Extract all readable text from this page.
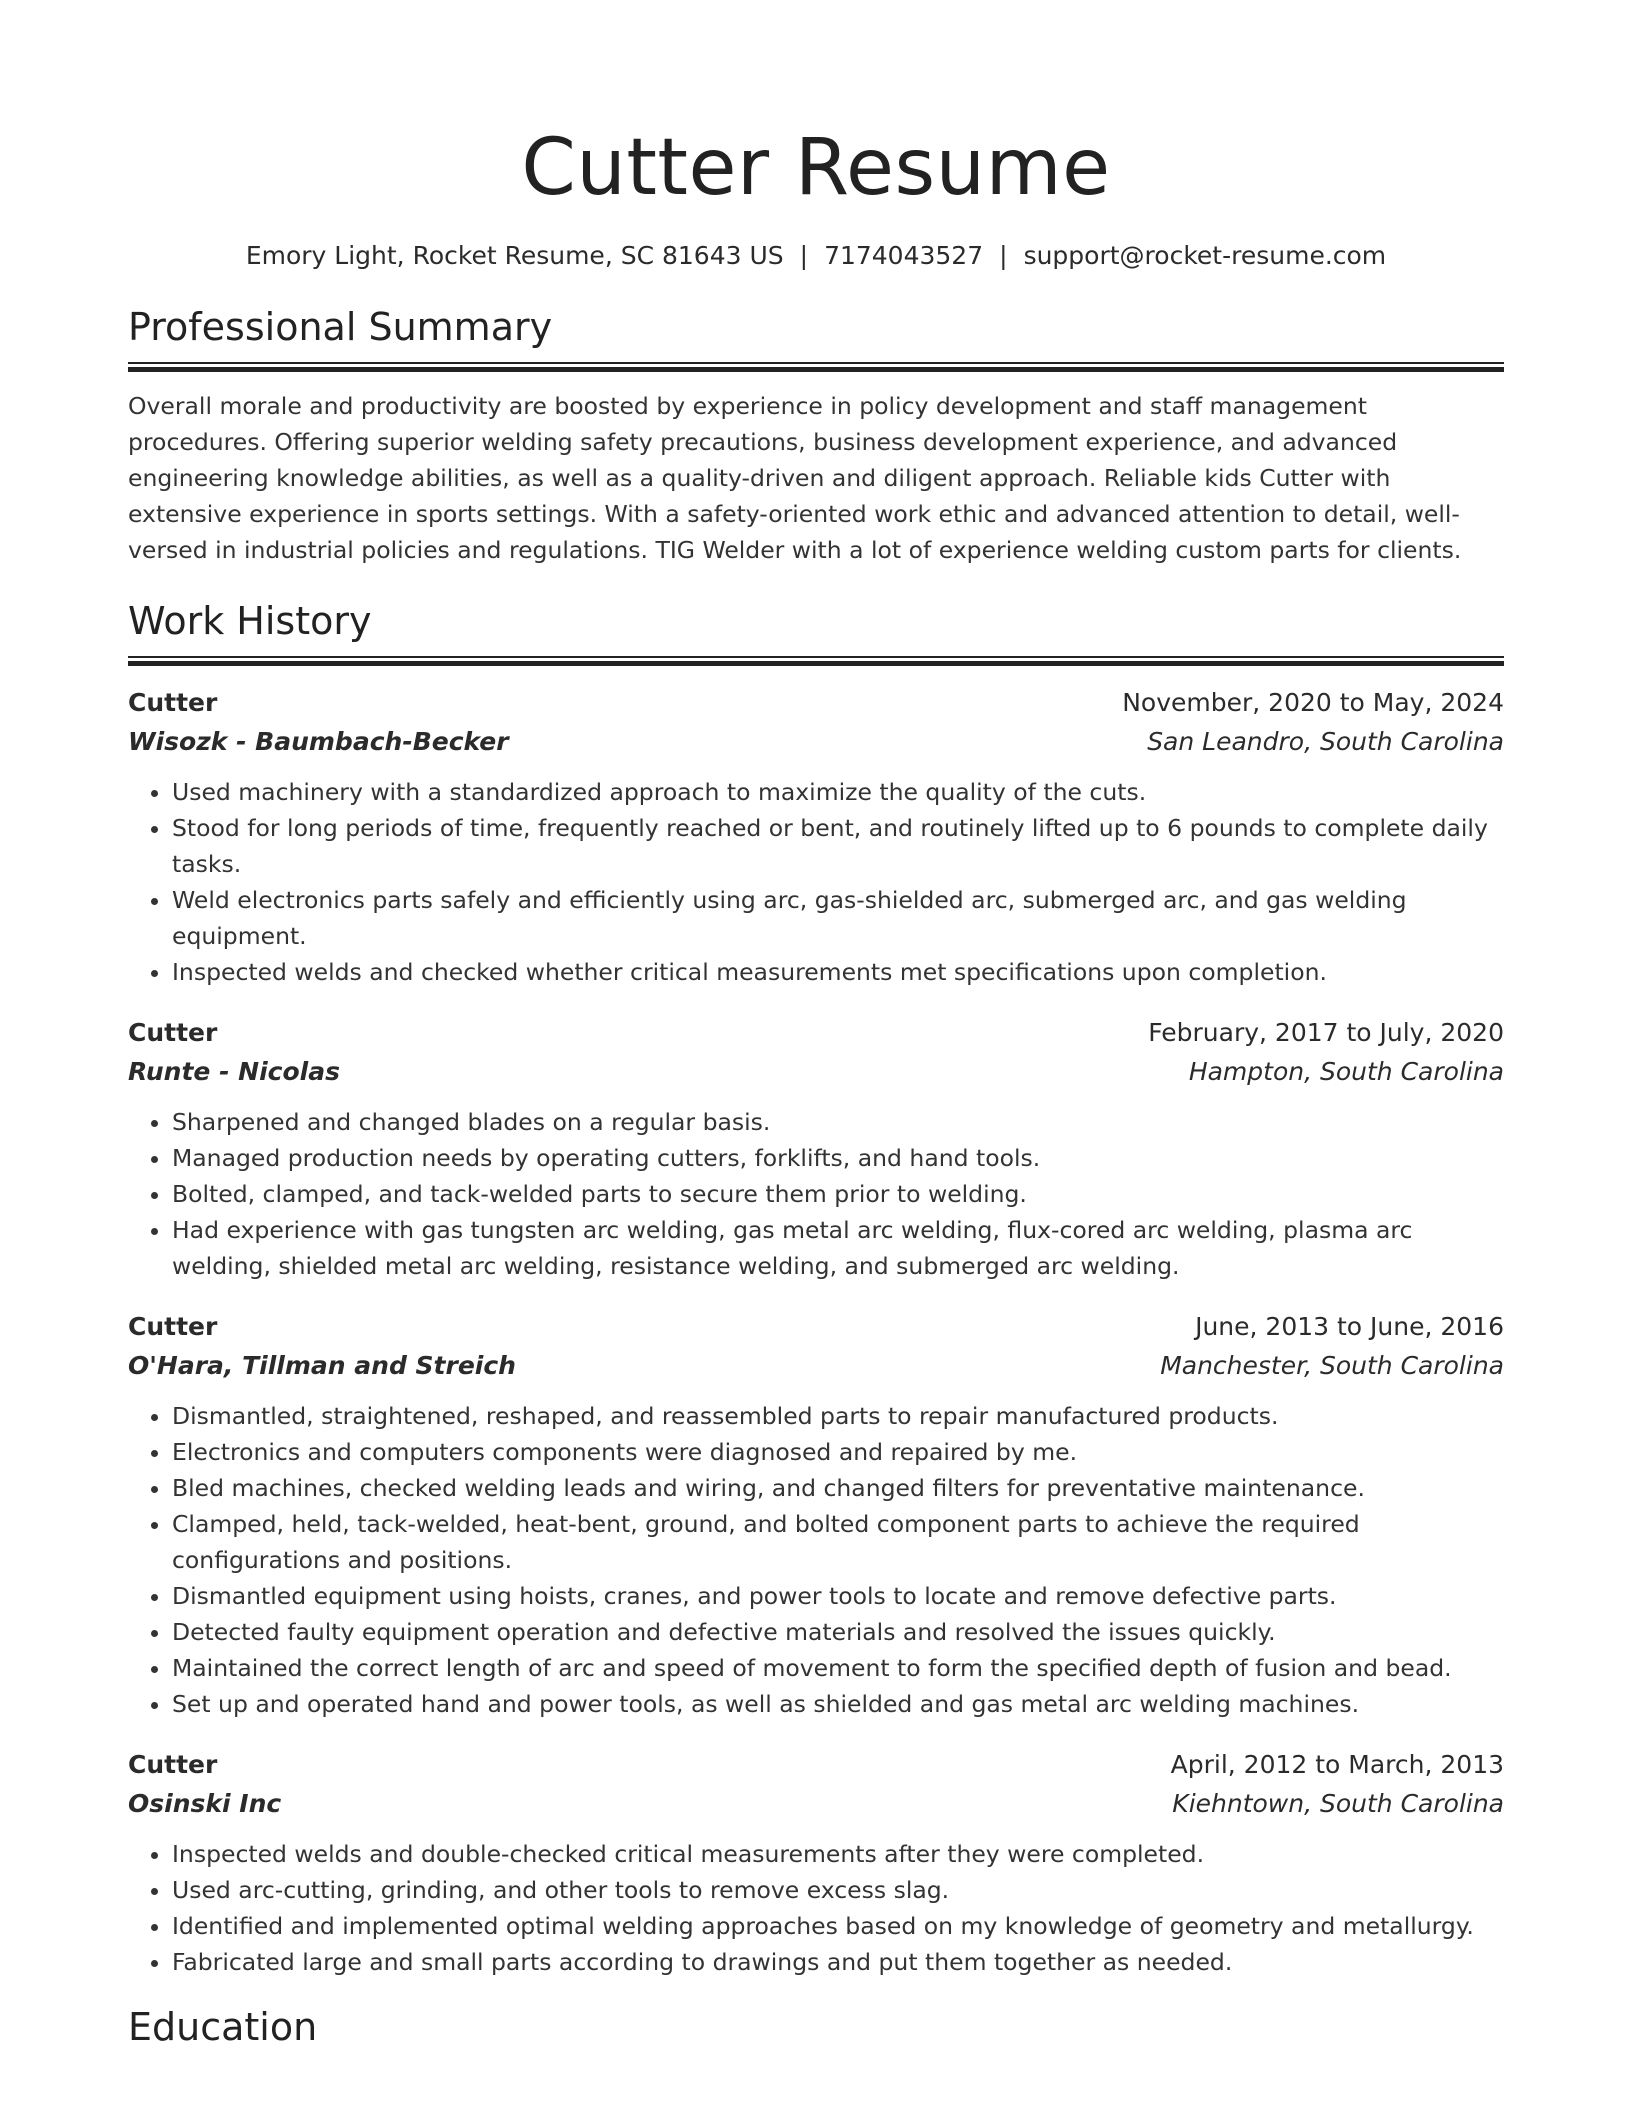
Cutter Resume
Emory Light, Rocket Resume, SC 81643 US | 7174043527 | support@rocket-resume.com
Professional Summary
Overall morale and productivity are boosted by experience in policy development and staff management procedures. Offering superior welding safety precautions, business development experience, and advanced engineering knowledge abilities, as well as a quality-driven and diligent approach. Reliable kids Cutter with extensive experience in sports settings. With a safety-oriented work ethic and advanced attention to detail, well-versed in industrial policies and regulations. TIG Welder with a lot of experience welding custom parts for clients.
Work History
Cutter	November, 2020 to May, 2024
Wisozk - Baumbach-Becker	San Leandro, South Carolina
• Used machinery with a standardized approach to maximize the quality of the cuts.
• Stood for long periods of time, frequently reached or bent, and routinely lifted up to 6 pounds to complete daily tasks.
• Weld electronics parts safely and efficiently using arc, gas-shielded arc, submerged arc, and gas welding equipment.
• Inspected welds and checked whether critical measurements met specifications upon completion.
Cutter	February, 2017 to July, 2020
Runte - Nicolas	Hampton, South Carolina
• Sharpened and changed blades on a regular basis.
• Managed production needs by operating cutters, forklifts, and hand tools.
• Bolted, clamped, and tack-welded parts to secure them prior to welding.
• Had experience with gas tungsten arc welding, gas metal arc welding, flux-cored arc welding, plasma arc welding, shielded metal arc welding, resistance welding, and submerged arc welding.
Cutter	June, 2013 to June, 2016
O'Hara, Tillman and Streich	Manchester, South Carolina
• Dismantled, straightened, reshaped, and reassembled parts to repair manufactured products.
• Electronics and computers components were diagnosed and repaired by me.
• Bled machines, checked welding leads and wiring, and changed filters for preventative maintenance.
• Clamped, held, tack-welded, heat-bent, ground, and bolted component parts to achieve the required configurations and positions.
• Dismantled equipment using hoists, cranes, and power tools to locate and remove defective parts.
• Detected faulty equipment operation and defective materials and resolved the issues quickly.
• Maintained the correct length of arc and speed of movement to form the specified depth of fusion and bead.
• Set up and operated hand and power tools, as well as shielded and gas metal arc welding machines.
Cutter	April, 2012 to March, 2013
Osinski Inc	Kiehntown, South Carolina
• Inspected welds and double-checked critical measurements after they were completed.
• Used arc-cutting, grinding, and other tools to remove excess slag.
• Identified and implemented optimal welding approaches based on my knowledge of geometry and metallurgy.
• Fabricated large and small parts according to drawings and put them together as needed.
Education
